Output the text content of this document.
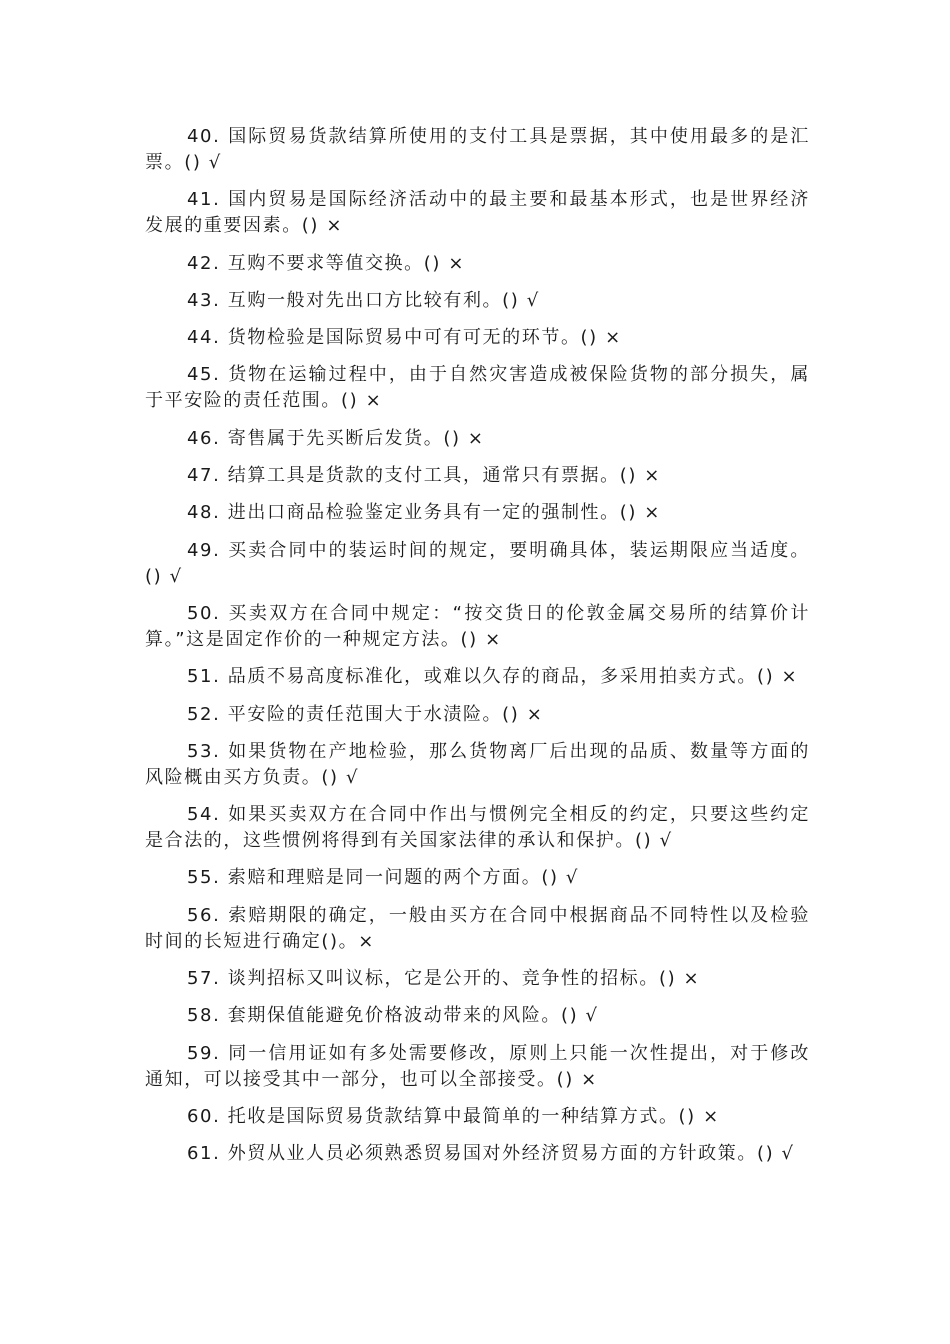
40. 国际贸易货款结算所使用的支付工具是票据，其中使用最多的是汇票。() √

41. 国内贸易是国际经济活动中的最主要和最基本形式，也是世界经济发展的重要因素。() ×

42. 互购不要求等值交换。() ×

43. 互购一般对先出口方比较有利。() √

44. 货物检验是国际贸易中可有可无的环节。() ×

45. 货物在运输过程中，由于自然灾害造成被保险货物的部分损失，属于平安险的责任范围。() ×

46. 寄售属于先买断后发货。() ×

47. 结算工具是货款的支付工具，通常只有票据。() ×

48. 进出口商品检验鉴定业务具有一定的强制性。() ×

49. 买卖合同中的装运时间的规定，要明确具体，装运期限应当适度。() √

50. 买卖双方在合同中规定：“按交货日的伦敦金属交易所的结算价计算。”这是固定作价的一种规定方法。() ×

51. 品质不易高度标准化，或难以久存的商品，多采用拍卖方式。() ×

52. 平安险的责任范围大于水渍险。() ×

53. 如果货物在产地检验，那么货物离厂后出现的品质、数量等方面的风险概由买方负责。() √

54. 如果买卖双方在合同中作出与惯例完全相反的约定，只要这些约定是合法的，这些惯例将得到有关国家法律的承认和保护。() √

55. 索赔和理赔是同一问题的两个方面。() √

56. 索赔期限的确定，一般由买方在合同中根据商品不同特性以及检验时间的长短进行确定()。×

57. 谈判招标又叫议标，它是公开的、竞争性的招标。() ×

58. 套期保值能避免价格波动带来的风险。() √

59. 同一信用证如有多处需要修改，原则上只能一次性提出，对于修改通知，可以接受其中一部分，也可以全部接受。() ×

60. 托收是国际贸易货款结算中最简单的一种结算方式。() ×

61. 外贸从业人员必须熟悉贸易国对外经济贸易方面的方针政策。() √
